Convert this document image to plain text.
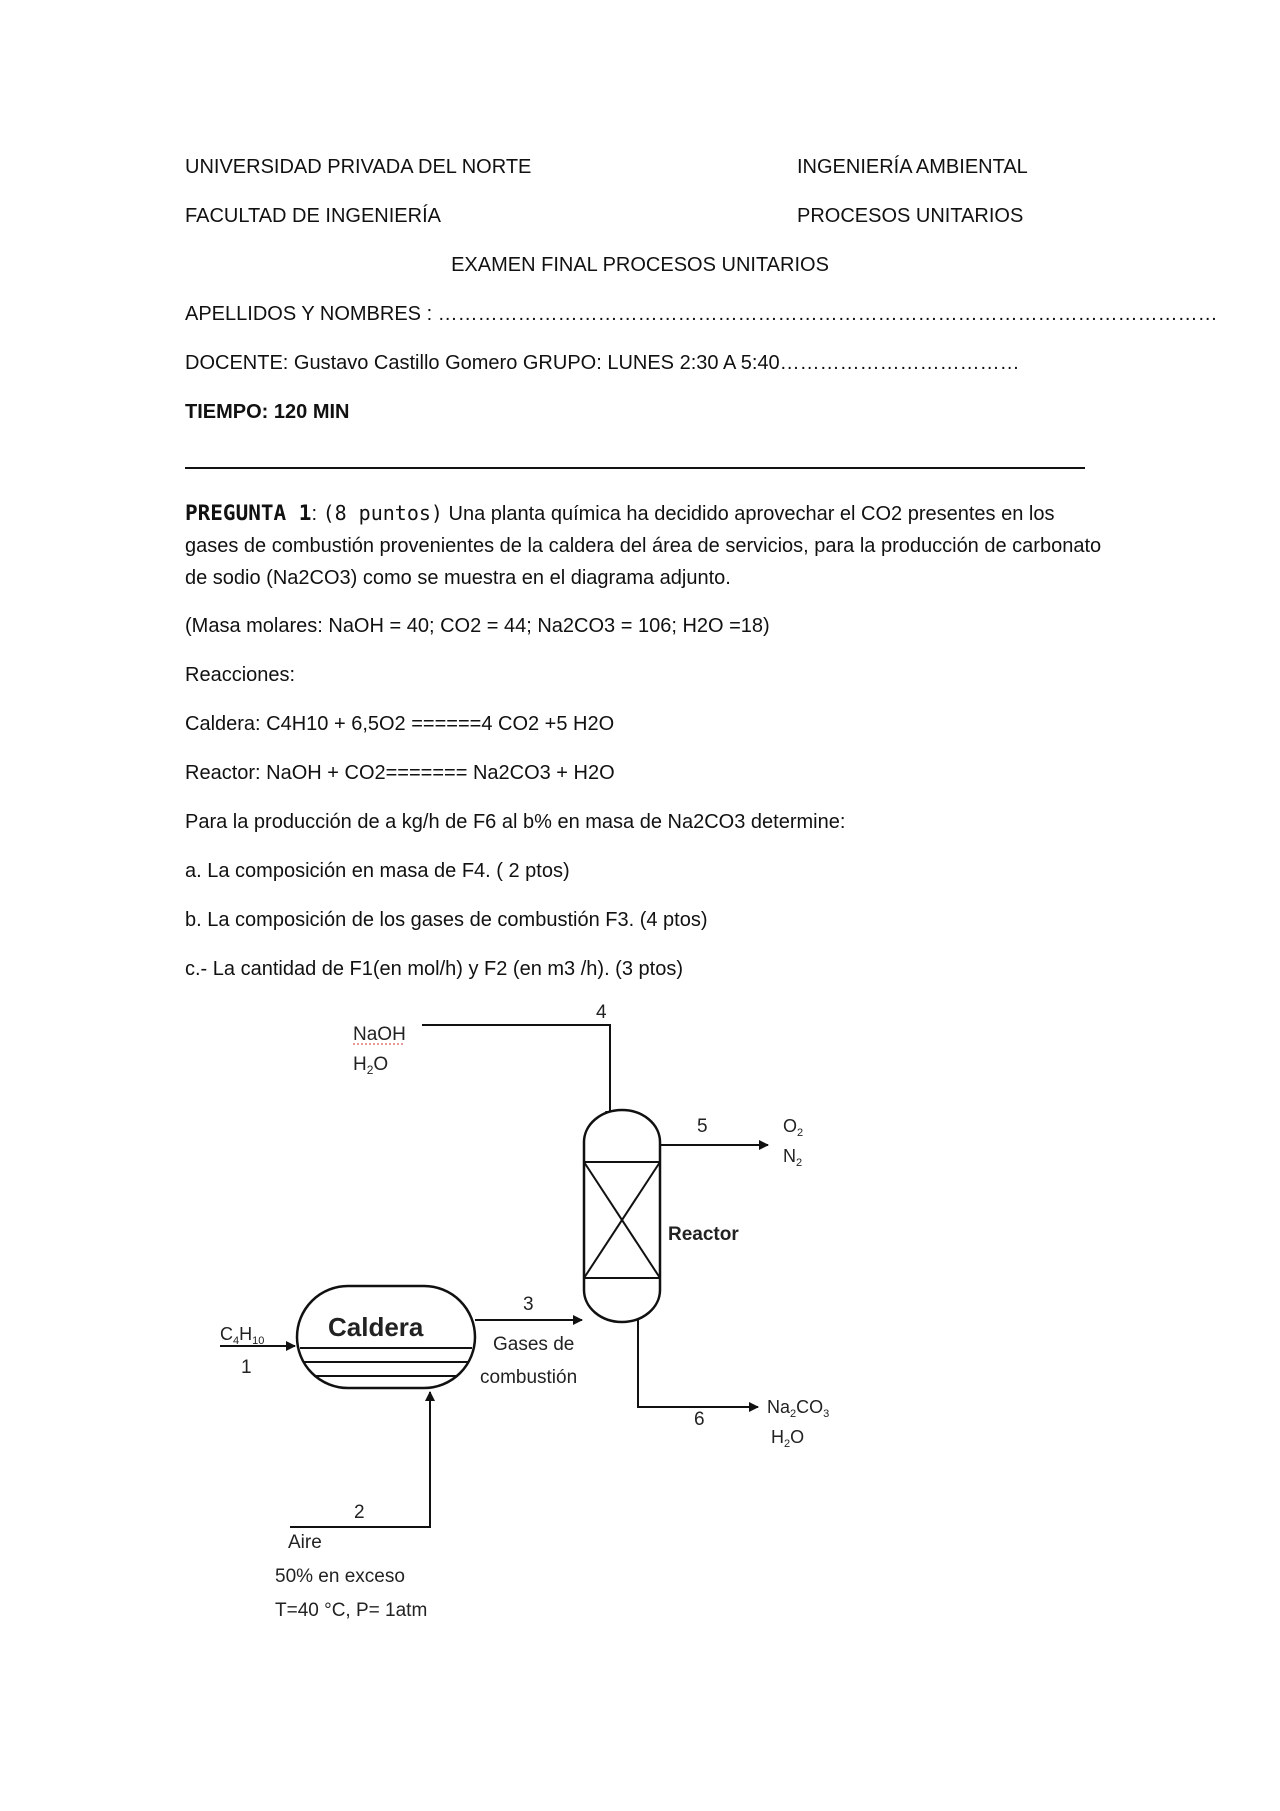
UNIVERSIDAD PRIVADA DEL NORTE	INGENIERÍA AMBIENTAL
FACULTAD DE INGENIERÍA	PROCESOS UNITARIOS
EXAMEN FINAL PROCESOS UNITARIOS
APELLIDOS Y NOMBRES : ………………………………………………………………………………………………………
DOCENTE: Gustavo Castillo Gomero GRUPO: LUNES 2:30 A 5:40………………………………
TIEMPO: 120 MIN
PREGUNTA 1: (8 puntos) Una planta química ha decidido aprovechar el CO2 presentes en los gases de combustión provenientes de la caldera del área de servicios, para la producción de carbonato de sodio (Na2CO3) como se muestra en el diagrama adjunto.
(Masa molares: NaOH = 40; CO2 = 44; Na2CO3 = 106; H2O =18)
Reacciones:
Caldera: C4H10 + 6,5O2 ======4 CO2 +5 H2O
Reactor: NaOH + CO2======= Na2CO3 + H2O
Para la producción de a kg/h de F6 al b% en masa de Na2CO3 determine:
a. La composición en masa de F4. ( 2 ptos)
b. La composición de los gases de combustión F3. (4 ptos)
c.- La cantidad de F1(en mol/h) y F2 (en m3 /h). (3 ptos)
4
NaOH
$H_2O$
Reactor
5	$O_2$
$N_2$
Caldera
3
Gases de
combustión
$C_4H_{10}$
1
6
$Na_2CO_3$
$H_2O$
2
Aire
50% en exceso
T=40 °C, P= 1atm
